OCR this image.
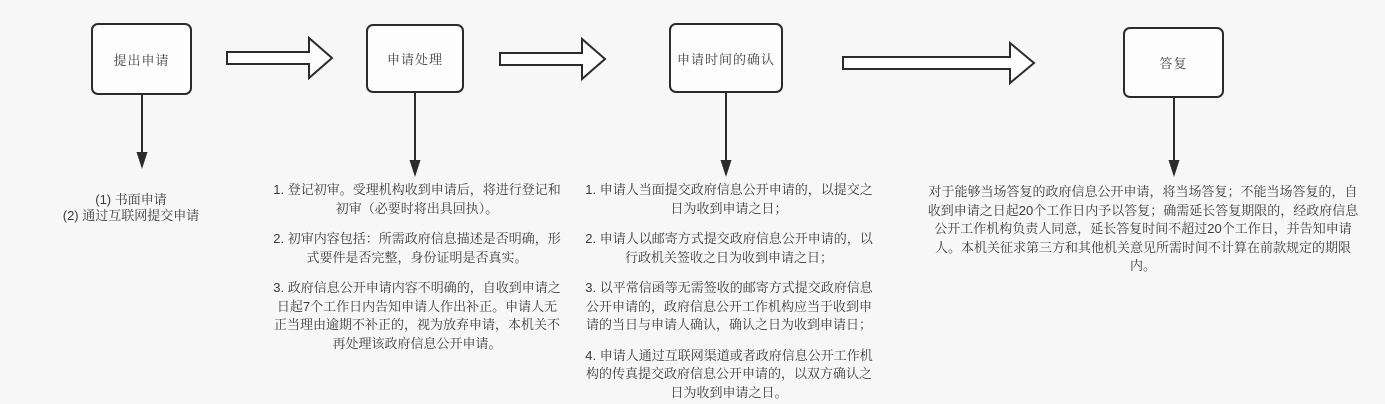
提出申请	申请处理	申请时间的确认	答复

(1) 书面申请

(2) 通过互联网提交申请

1. 登记初审。受理机构收到申请后，将进行登记和初审（必要时将出具回执）。

2. 初审内容包括：所需政府信息描述是否明确，形式要件是否完整，身份证明是否真实。

3. 政府信息公开申请内容不明确的，自收到申请之日起7个工作日内告知申请人作出补正。申请人无正当理由逾期不补正的，视为放弃申请，本机关不再处理该政府信息公开申请。

1. 申请人当面提交政府信息公开申请的，以提交之日为收到申请之日；

2. 申请人以邮寄方式提交政府信息公开申请的，以行政机关签收之日为收到申请之日；

3. 以平常信函等无需签收的邮寄方式提交政府信息公开申请的，政府信息公开工作机构应当于收到申请的当日与申请人确认，确认之日为收到申请日；

4. 申请人通过互联网渠道或者政府信息公开工作机构的传真提交政府信息公开申请的，以双方确认之日为收到申请之日。

对于能够当场答复的政府信息公开申请，将当场答复；不能当场答复的，自收到申请之日起20个工作日内予以答复；确需延长答复期限的，经政府信息公开工作机构负责人同意，延长答复时间不超过20个工作日，并告知申请人。本机关征求第三方和其他机关意见所需时间不计算在前款规定的期限内。
